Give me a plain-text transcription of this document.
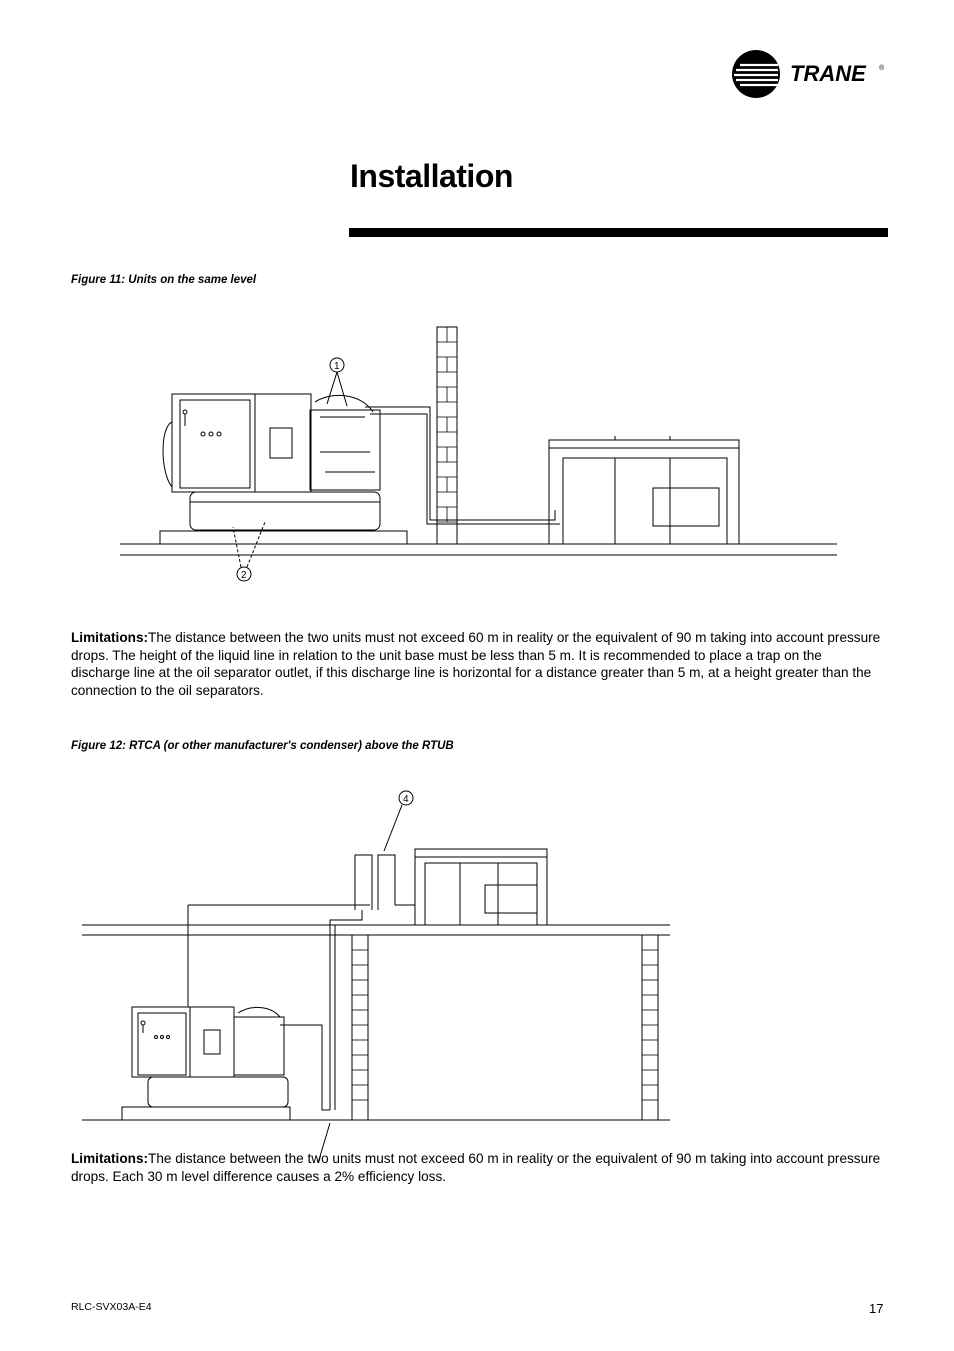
TRANE ®
Installation
Figure 11: Units on the same level
1
2
Limitations:The distance between the two units must not exceed 60 m in reality or the equivalent of 90 m taking into account pressure drops. The height of the liquid line in relation to the unit base must be less than 5 m. It is recommended to place a trap on the discharge line at the oil separator outlet, if this discharge line is horizontal for a distance greater than 5 m, at a height greater than the connection to the oil separators.
Figure 12: RTCA (or other manufacturer's condenser) above the RTUB
4
Limitations:The distance between the two units must not exceed 60 m in reality or the equivalent of 90 m taking into account pressure drops. Each 30 m level difference causes a 2% efficiency loss.
RLC-SVX03A-E4	17
